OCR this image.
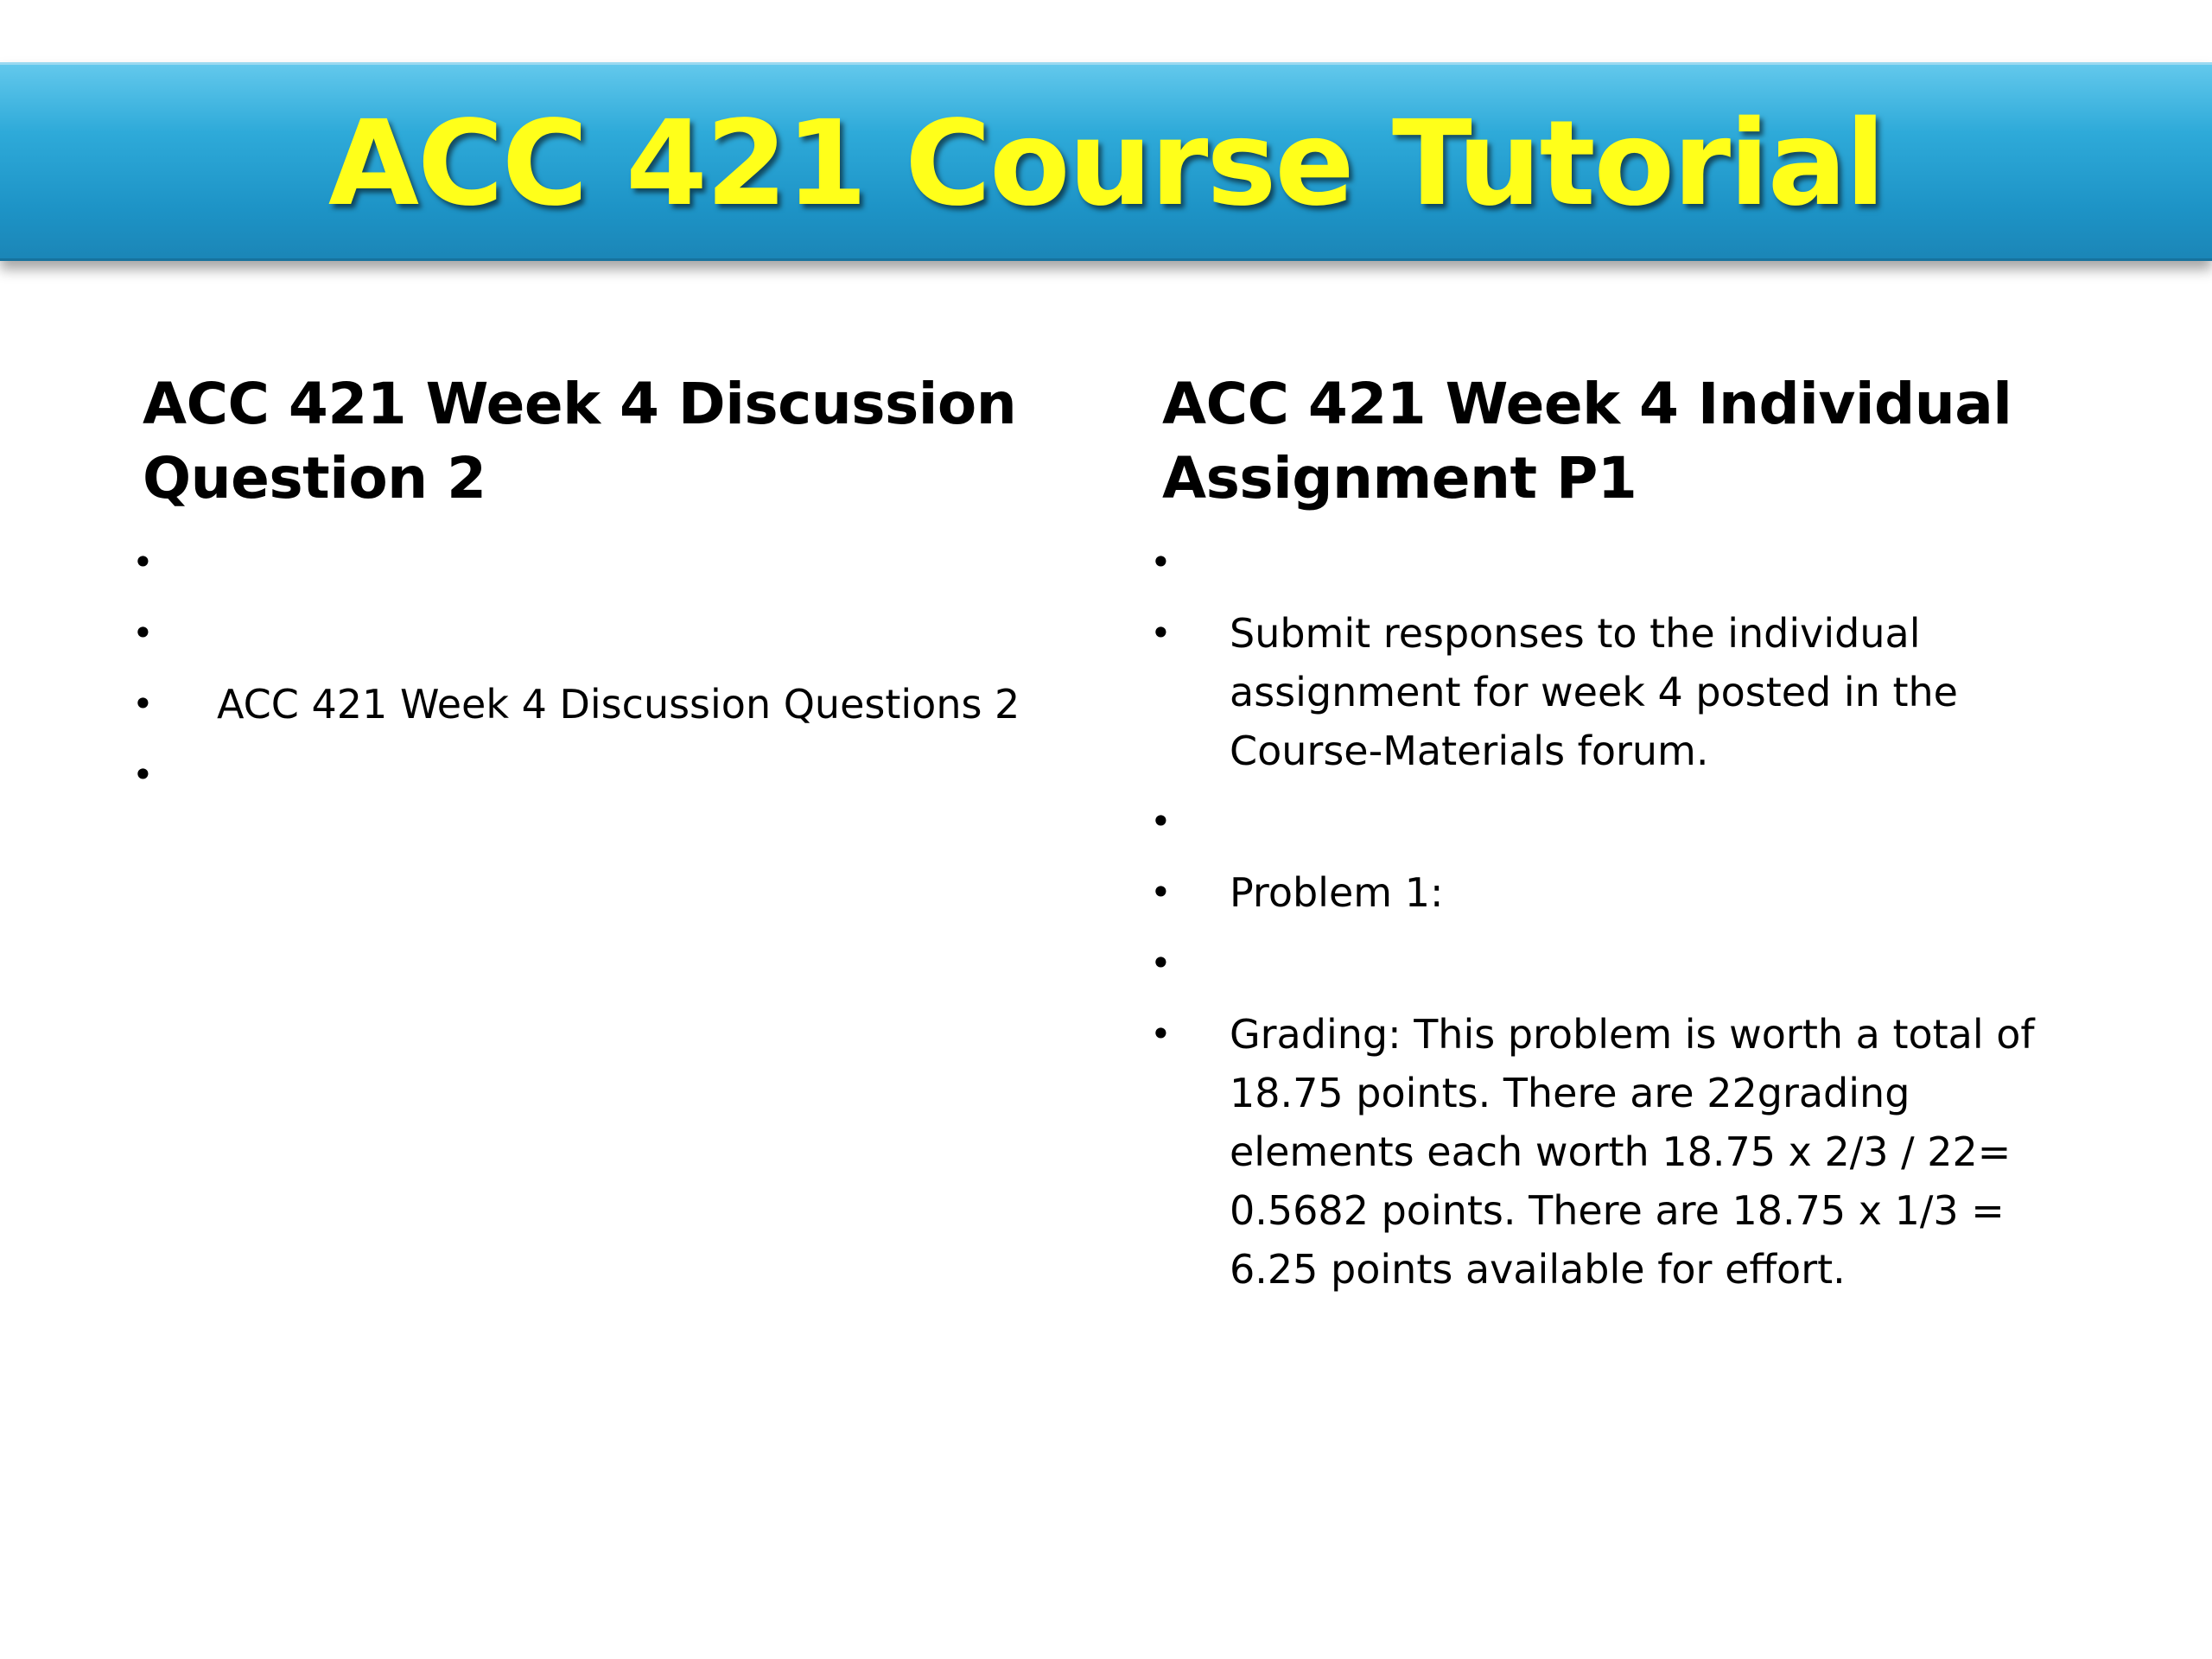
ACC 421 Course Tutorial
ACC 421 Week 4 Discussion Question 2
•
•
• ACC 421 Week 4 Discussion Questions 2
•
ACC 421 Week 4 Individual Assignment P1
•
• Submit responses to the individual assignment for week 4 posted in the Course-Materials forum.
•
• Problem 1:
•
• Grading: This problem is worth a total of 18.75 points. There are 22grading elements each worth 18.75 x 2/3 / 22= 0.5682 points. There are 18.75 x 1/3 = 6.25 points available for effort.
